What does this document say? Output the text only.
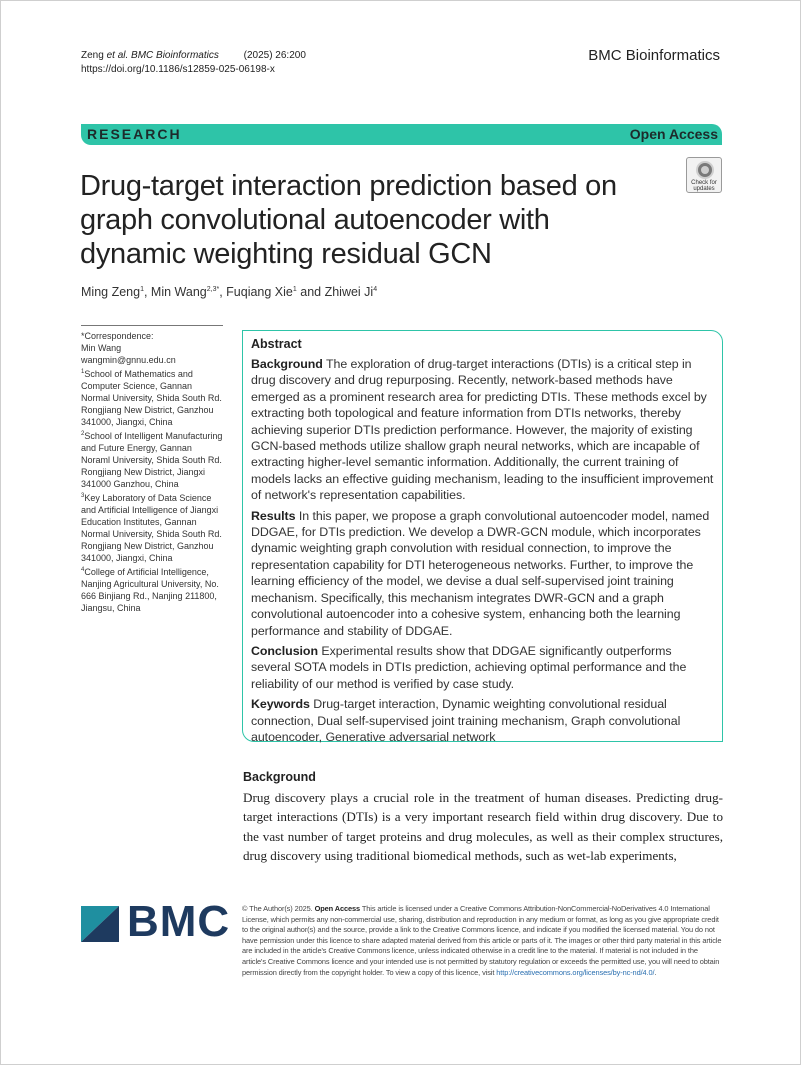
Zeng et al. BMC Bioinformatics (2025) 26:200
https://doi.org/10.1186/s12859-025-06198-x
BMC Bioinformatics
RESEARCH	Open Access
Drug-target interaction prediction based on graph convolutional autoencoder with dynamic weighting residual GCN
Check for updates
Ming Zeng$^1$, Min Wang$^{2,3*}$, Fuqiang Xie$^1$ and Zhiwei Ji$^4$
*Correspondence:
Min Wang
wangmin@gnnu.edu.cn
$^1$School of Mathematics and Computer Science, Gannan Normal University, Shida South Rd. Rongjiang New District, Ganzhou 341000, Jiangxi, China
$^2$School of Intelligent Manufacturing and Future Energy, Gannan Noraml University, Shida South Rd. Rongjiang New District, Jiangxi 341000 Ganzhou, China
$^3$Key Laboratory of Data Science and Artificial Intelligence of Jiangxi Education Institutes, Gannan Normal University, Shida South Rd. Rongjiang New District, Ganzhou 341000, Jiangxi, China
$^4$College of Artificial Intelligence, Nanjing Agricultural University, No. 666 Binjiang Rd., Nanjing 211800, Jiangsu, China
Abstract

Background The exploration of drug-target interactions (DTIs) is a critical step in drug discovery and drug repurposing. Recently, network-based methods have emerged as a prominent research area for predicting DTIs. These methods excel by extracting both topological and feature information from DTIs networks, thereby achieving superior DTIs prediction performance. However, the majority of existing GCN-based methods utilize shallow graph neural networks, which are incapable of extracting higher-level semantic information. Additionally, the current training of models lacks an effective guiding mechanism, leading to the insufficient improvement of network's representation capabilities.

Results In this paper, we propose a graph convolutional autoencoder model, named DDGAE, for DTIs prediction. We develop a DWR-GCN module, which incorporates dynamic weighting graph convolution with residual connection, to improve the representation capability for DTI heterogeneous networks. Further, to improve the learning efficiency of the model, we devise a dual self-supervised joint training mechanism. Specifically, this mechanism integrates DWR-GCN and a graph convolutional autoencoder into a cohesive system, enhancing both the learning performance and stability of DDGAE.

Conclusion Experimental results show that DDGAE significantly outperforms several SOTA models in DTIs prediction, achieving optimal performance and the reliability of our method is verified by case study.

Keywords Drug-target interaction, Dynamic weighting convolutional residual connection, Dual self-supervised joint training mechanism, Graph convolutional autoencoder, Generative adversarial network

Background
Drug discovery plays a crucial role in the treatment of human diseases. Predicting drug-target interactions (DTIs) is a very important research field within drug discovery. Due to the vast number of target proteins and drug molecules, as well as their complex structures, drug discovery using traditional biomedical methods, such as wet-lab experiments,
BMC © The Author(s) 2025. Open Access This article is licensed under a Creative Commons Attribution-NonCommercial-NoDerivatives 4.0 International License, which permits any non-commercial use, sharing, distribution and reproduction in any medium or format, as long as you give appropriate credit to the original author(s) and the source, provide a link to the Creative Commons licence, and indicate if you modified the licensed material. You do not have permission under this licence to share adapted material derived from this article or parts of it. The images or other third party material in this article are included in the article's Creative Commons licence, unless indicated otherwise in a credit line to the material. If material is not included in the article's Creative Commons licence and your intended use is not permitted by statutory regulation or exceeds the permitted use, you will need to obtain permission directly from the copyright holder. To view a copy of this licence, visit http://creativecommons.org/licenses/by-nc-nd/4.0/.
